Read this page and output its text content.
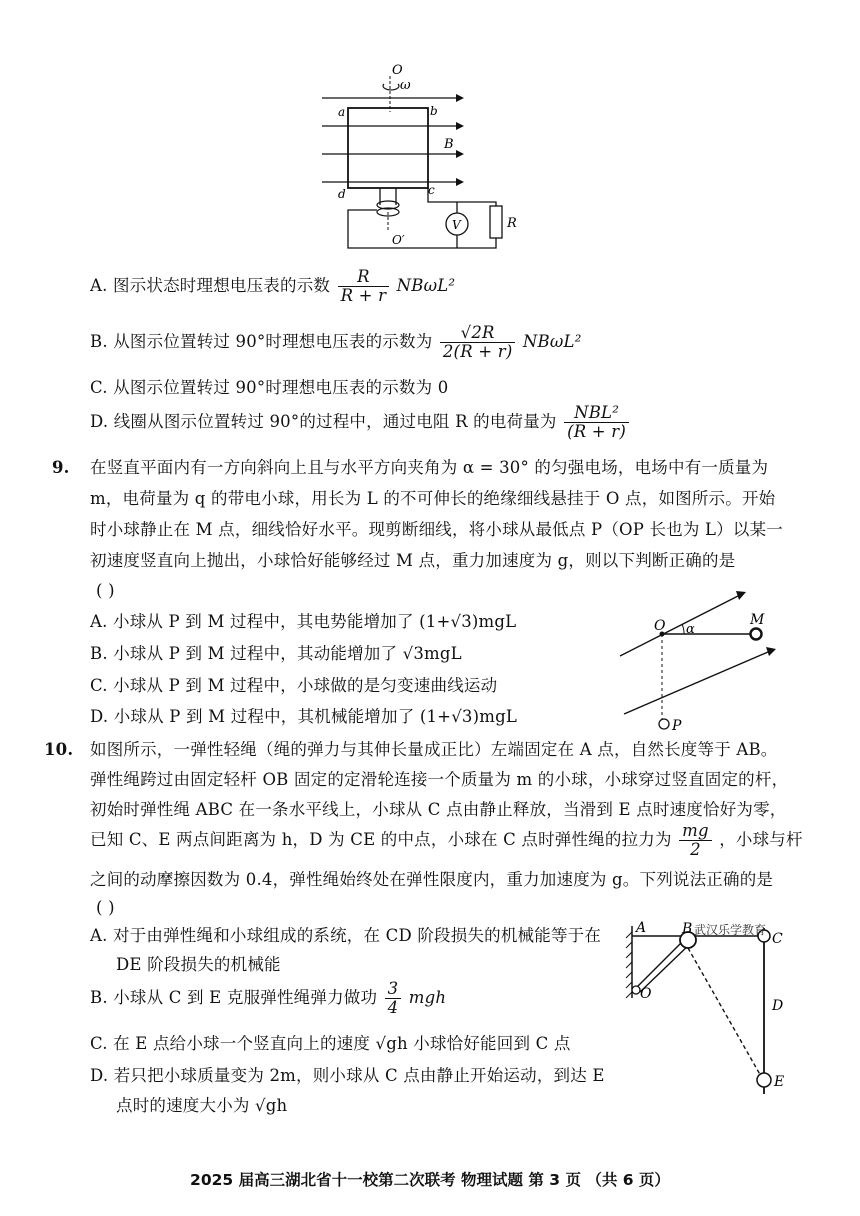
O
ω
a	b
d	c
B
V	R
O′
A. 图示状态时理想电压表的示数 $\frac{R}{R + r} NB\omega L^2$
B. 从图示位置转过 90°时理想电压表的示数为 $\frac{√2R}{2(R + r)} NB\omega L^2$
C. 从图示位置转过 90°时理想电压表的示数为 0
D. 线圈从图示位置转过 90°的过程中，通过电阻 R 的电荷量为 $\frac{\text{NBL²}}{(R + r)}$
9. 在竖直平面内有一方向斜向上且与水平方向夹角为 α = 30° 的匀强电场，电场中有一质量为
m，电荷量为 q 的带电小球，用长为 L 的不可伸长的绝缘细线悬挂于 O 点，如图所示。开始
时小球静止在 M 点，细线恰好水平。现剪断细线，将小球从最低点 P（OP 长也为 L）以某一
初速度竖直向上抛出，小球恰好能够经过 M 点，重力加速度为 g，则以下判断正确的是
( )
A. 小球从 P 到 M 过程中，其电势能增加了 (1+√3)mgL
B. 小球从 P 到 M 过程中，其动能增加了 √3mgL
C. 小球从 P 到 M 过程中，小球做的是匀变速曲线运动
D. 小球从 P 到 M 过程中，其机械能增加了 (1+√3)mgL
O α
M
P
10. 如图所示，一弹性轻绳（绳的弹力与其伸长量成正比）左端固定在 A 点，自然长度等于 AB。
弹性绳跨过由固定轻杆 OB 固定的定滑轮连接一个质量为 m 的小球，小球穿过竖直固定的杆，
初始时弹性绳 ABC 在一条水平线上，小球从 C 点由静止释放，当滑到 E 点时速度恰好为零，
已知 C、E 两点间距离为 h，D 为 CE 的中点，小球在 C 点时弹性绳的拉力为 $\frac{mg}{2}$ ，小球与杆
之间的动摩擦因数为 0.4，弹性绳始终处在弹性限度内，重力加速度为 g。下列说法正确的是
( )
A. 对于由弹性绳和小球组成的系统，在 CD 阶段损失的机械能等于在
DE 阶段损失的机械能
B. 小球从 C 到 E 克服弹性绳弹力做功 $\frac{3}{4}$ mgh
C. 在 E 点给小球一个竖直向上的速度 √gh 小球恰好能回到 C 点
D. 若只把小球质量变为 2m，则小球从 C 点由静止开始运动，到达 E
点时的速度大小为 √gh
A	B 武汉乐学教育
C
D
E
O
2025 届高三湖北省十一校第二次联考 物理试题 第 3 页 （共 6 页）
